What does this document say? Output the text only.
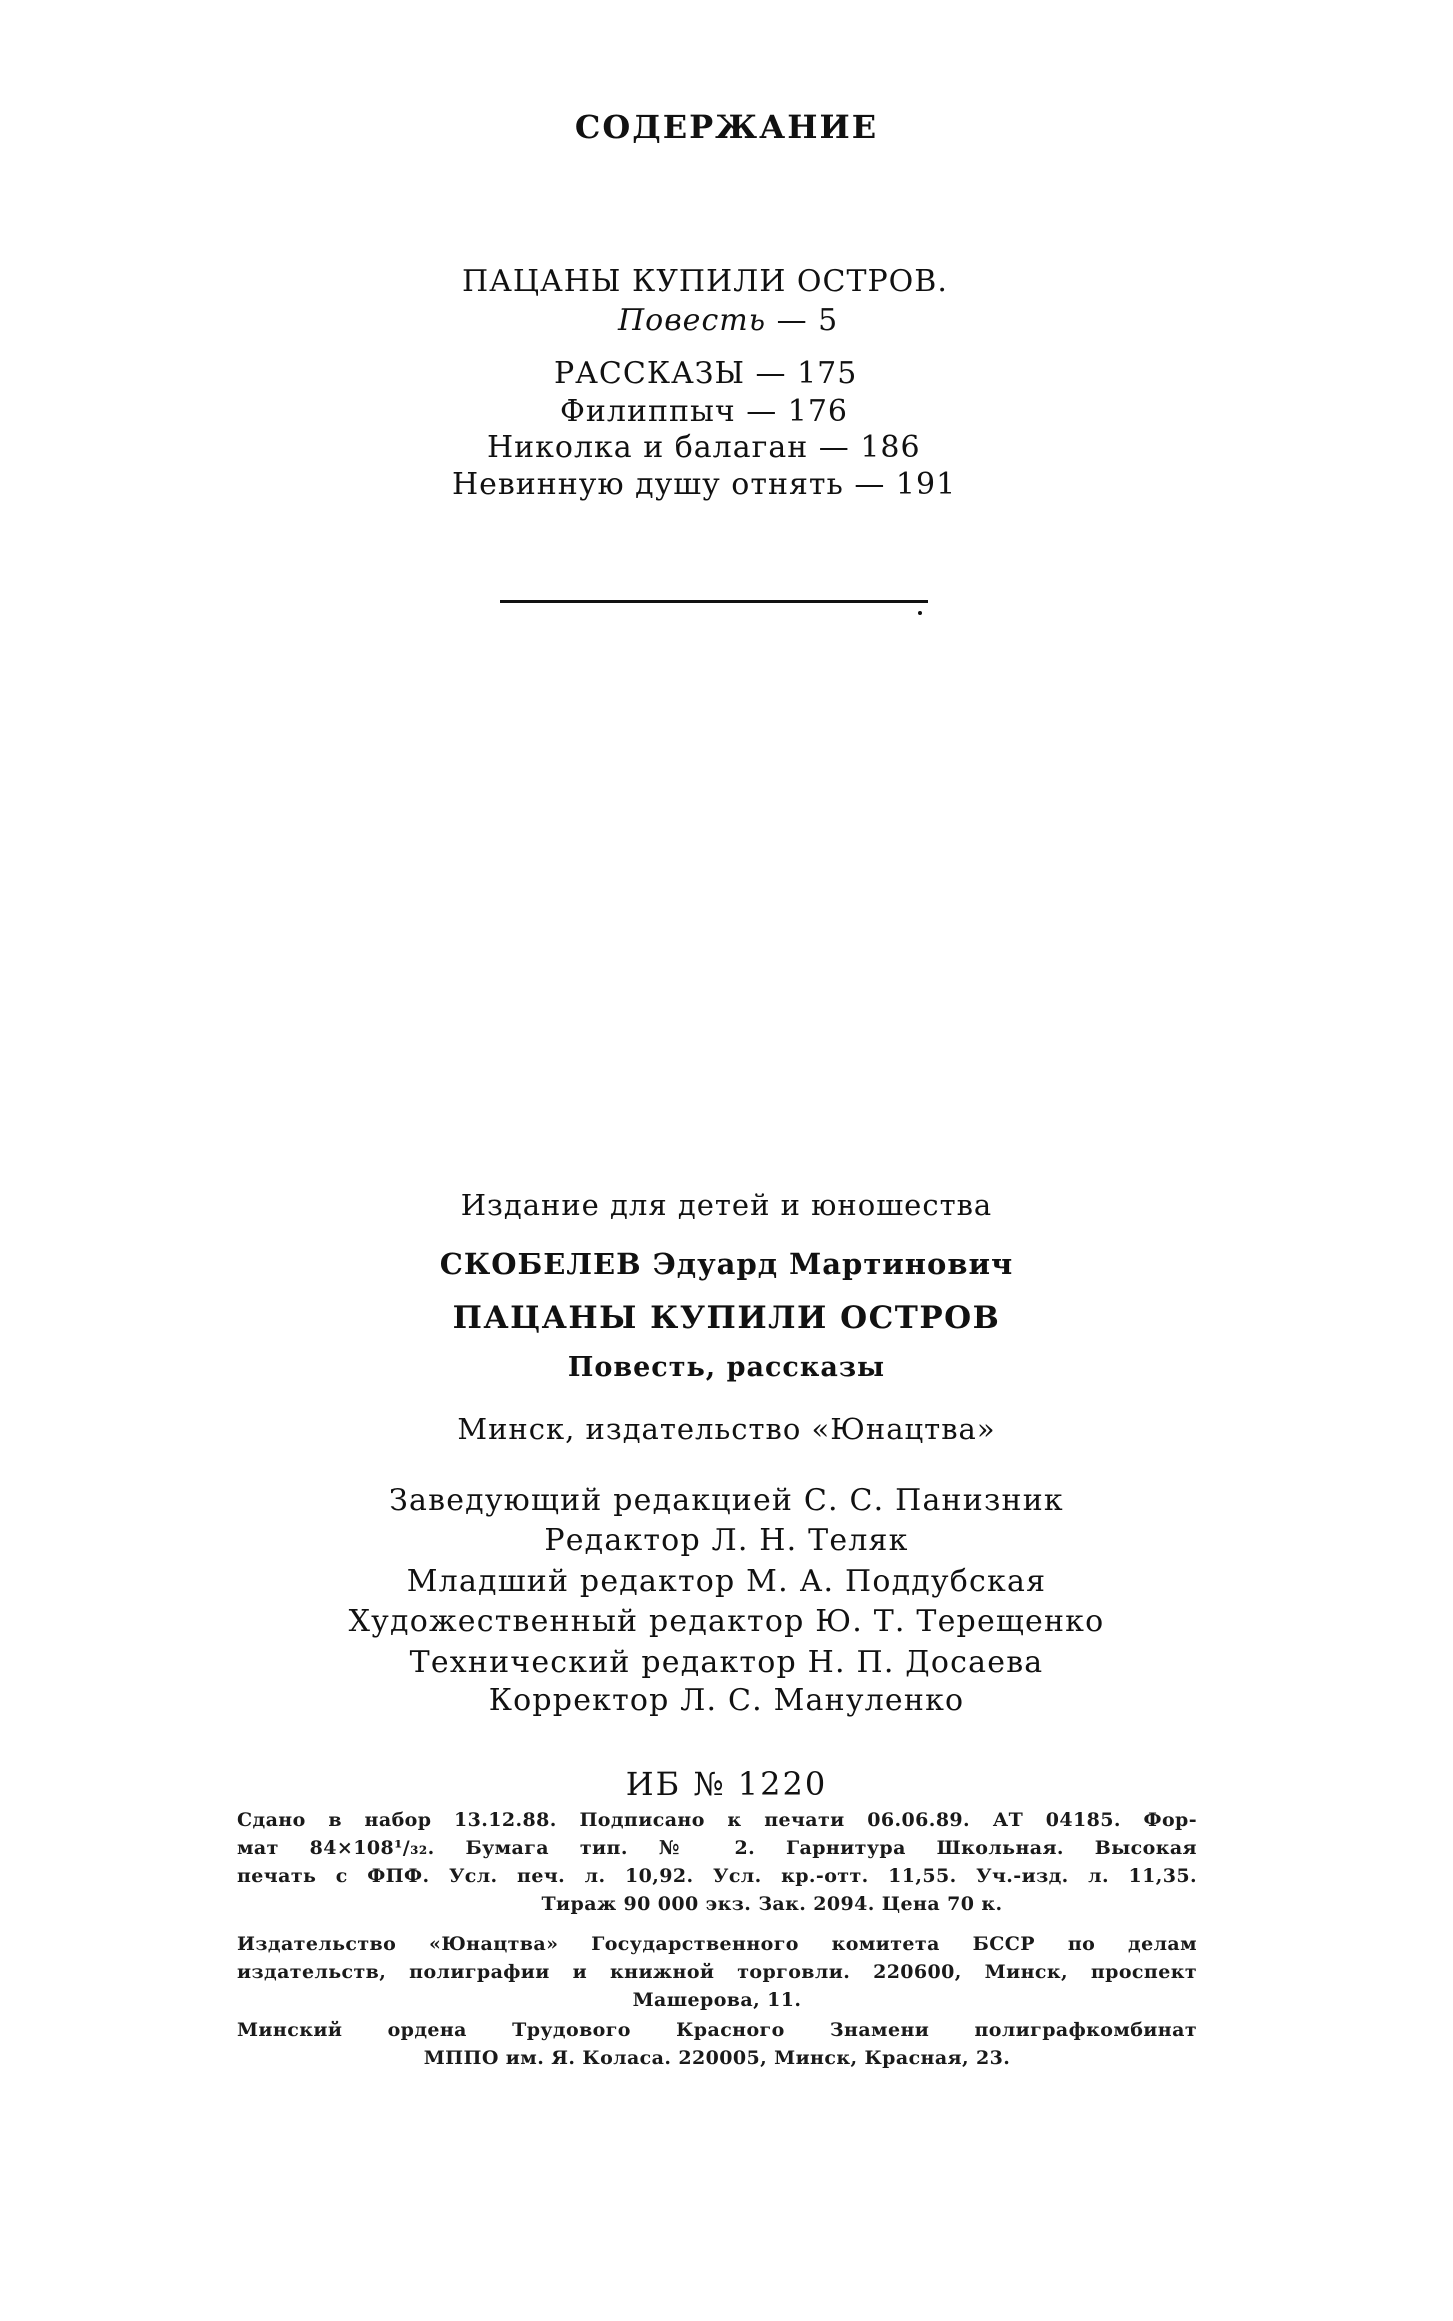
СОДЕРЖАНИЕ
ПАЦАНЫ КУПИЛИ ОСТРОВ.
Повесть — 5
РАССКАЗЫ — 175
Филиппыч — 176
Николка и балаган — 186
Невинную душу отнять — 191
Издание для детей и юношества
СКОБЕЛЕВ Эдуард Мартинович
ПАЦАНЫ КУПИЛИ ОСТРОВ
Повесть, рассказы
Минск, издательство «Юнацтва»
Заведующий редакцией С. С. Панизник
Редактор Л. Н. Теляк
Младший редактор М. А. Поддубская
Художественный редактор Ю. Т. Терещенко
Технический редактор Н. П. Досаева
Корректор Л. С. Мануленко
ИБ № 1220
Сдано в набор 13.12.88. Подписано к печати 06.06.89. АТ 04185. Фор-
мат 84×108¹/₃₂. Бумага тип. № 2. Гарнитура Школьная. Высокая
печать с ФПФ. Усл. печ. л. 10,92. Усл. кр.-отт. 11,55. Уч.-изд. л. 11,35.
Тираж 90 000 экз. Зак. 2094. Цена 70 к.
Издательство «Юнацтва» Государственного комитета БССР по делам
издательств, полиграфии и книжной торговли. 220600, Минск, проспект
Машерова, 11.
Минский ордена Трудового Красного Знамени полиграфкомбинат
МППО им. Я. Коласа. 220005, Минск, Красная, 23.
